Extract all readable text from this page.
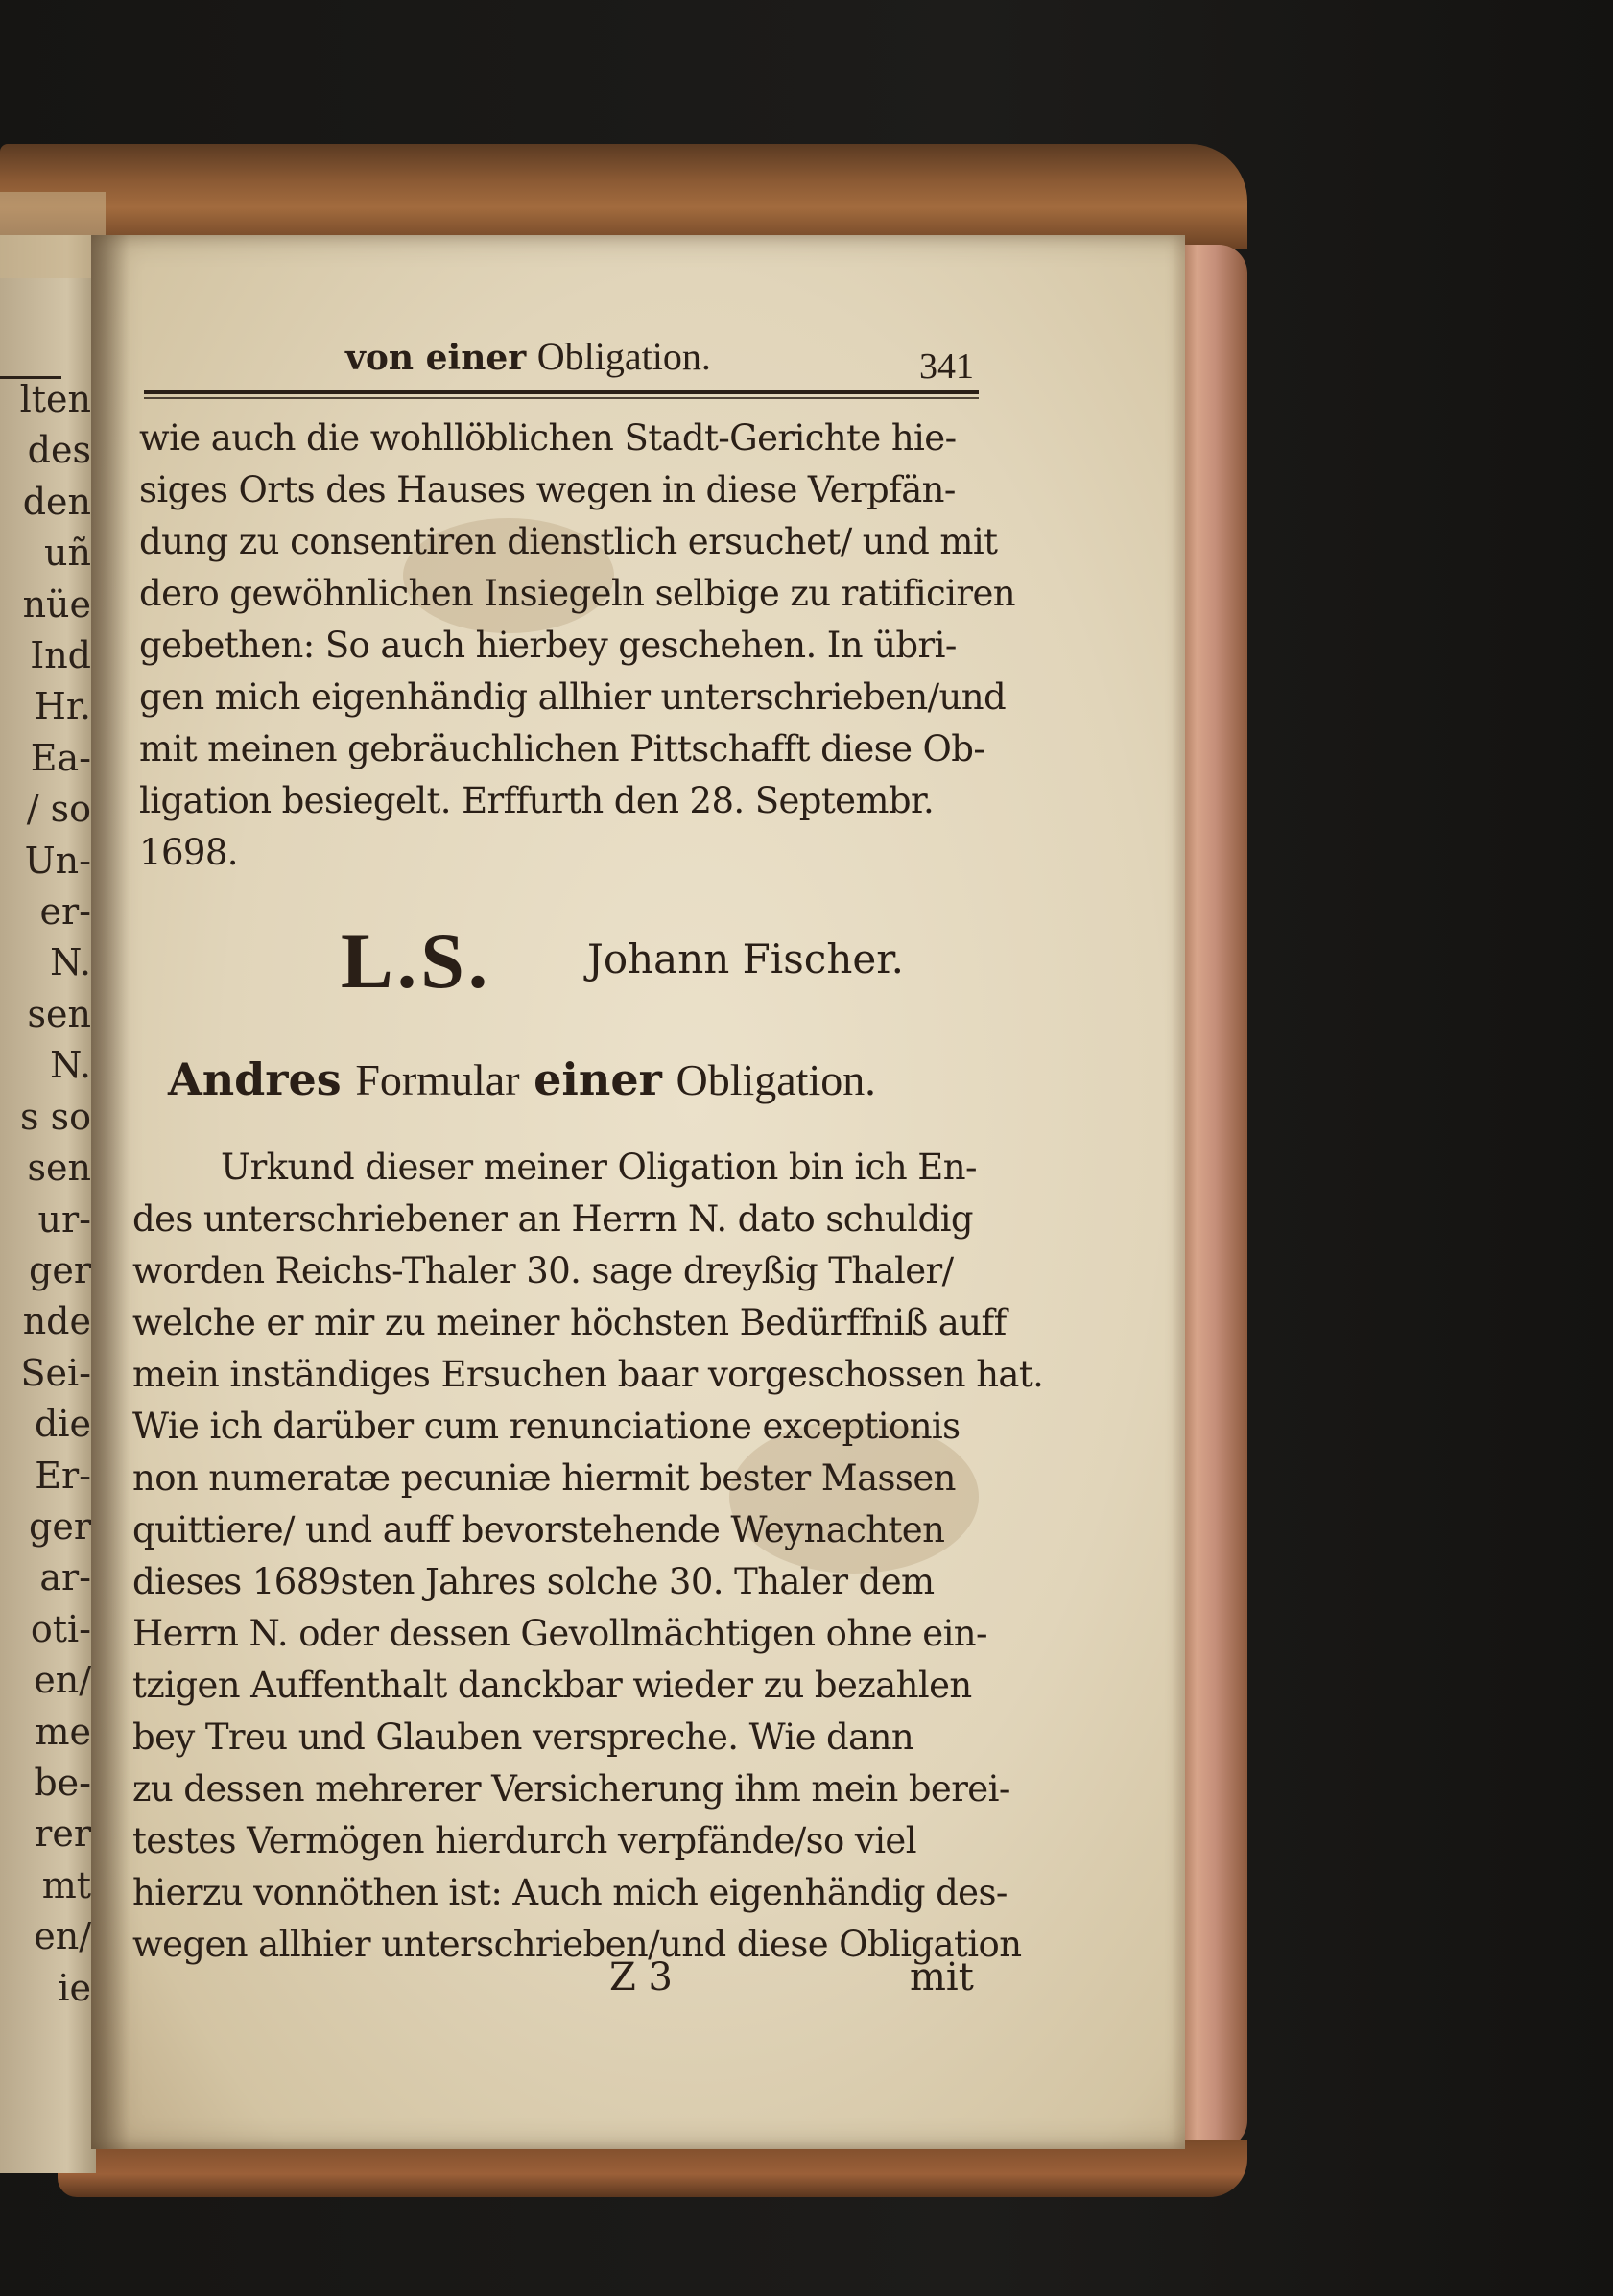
lten
des
den
uñ
nüe
Ind
Hr.
Ea-
/ so
Un-
er-
N.
sen
N.
s so
sen
ur-
ger
nde
Sei-
die
Er-
ger
ar-
oti-
en/
me
be-
rer
mt
en/
ie
von einer Obligation.	341
wie auch die wohllöblichen Stadt-Gerichte hie-
siges Orts des Hauses wegen in diese Verpfän-
dung zu consentiren dienstlich ersuchet/ und mit
dero gewöhnlichen Insiegeln selbige zu ratificiren
gebethen: So auch hierbey geschehen. In übri-
gen mich eigenhändig allhier unterschrieben/und
mit meinen gebräuchlichen Pittschafft diese Ob-
ligation besiegelt. Erffurth den 28. Septembr.
1698.
L.S. Johann Fischer.
Andres Formular einer Obligation.
Urkund dieser meiner Oligation bin ich En-
des unterschriebener an Herrn N. dato schuldig
worden Reichs-Thaler 30. sage dreyßig Thaler/
welche er mir zu meiner höchsten Bedürffniß auff
mein inständiges Ersuchen baar vorgeschossen hat.
Wie ich darüber cum renunciatione exceptionis
non numeratæ pecuniæ hiermit bester Massen
quittiere/ und auff bevorstehende Weynachten
dieses 1689sten Jahres solche 30. Thaler dem
Herrn N. oder dessen Gevollmächtigen ohne ein-
tzigen Auffenthalt danckbar wieder zu bezahlen
bey Treu und Glauben verspreche. Wie dann
zu dessen mehrerer Versicherung ihm mein berei-
testes Vermögen hierdurch verpfände/so viel
hierzu vonnöthen ist: Auch mich eigenhändig des-
wegen allhier unterschrieben/und diese Obligation
Z 3	mit
